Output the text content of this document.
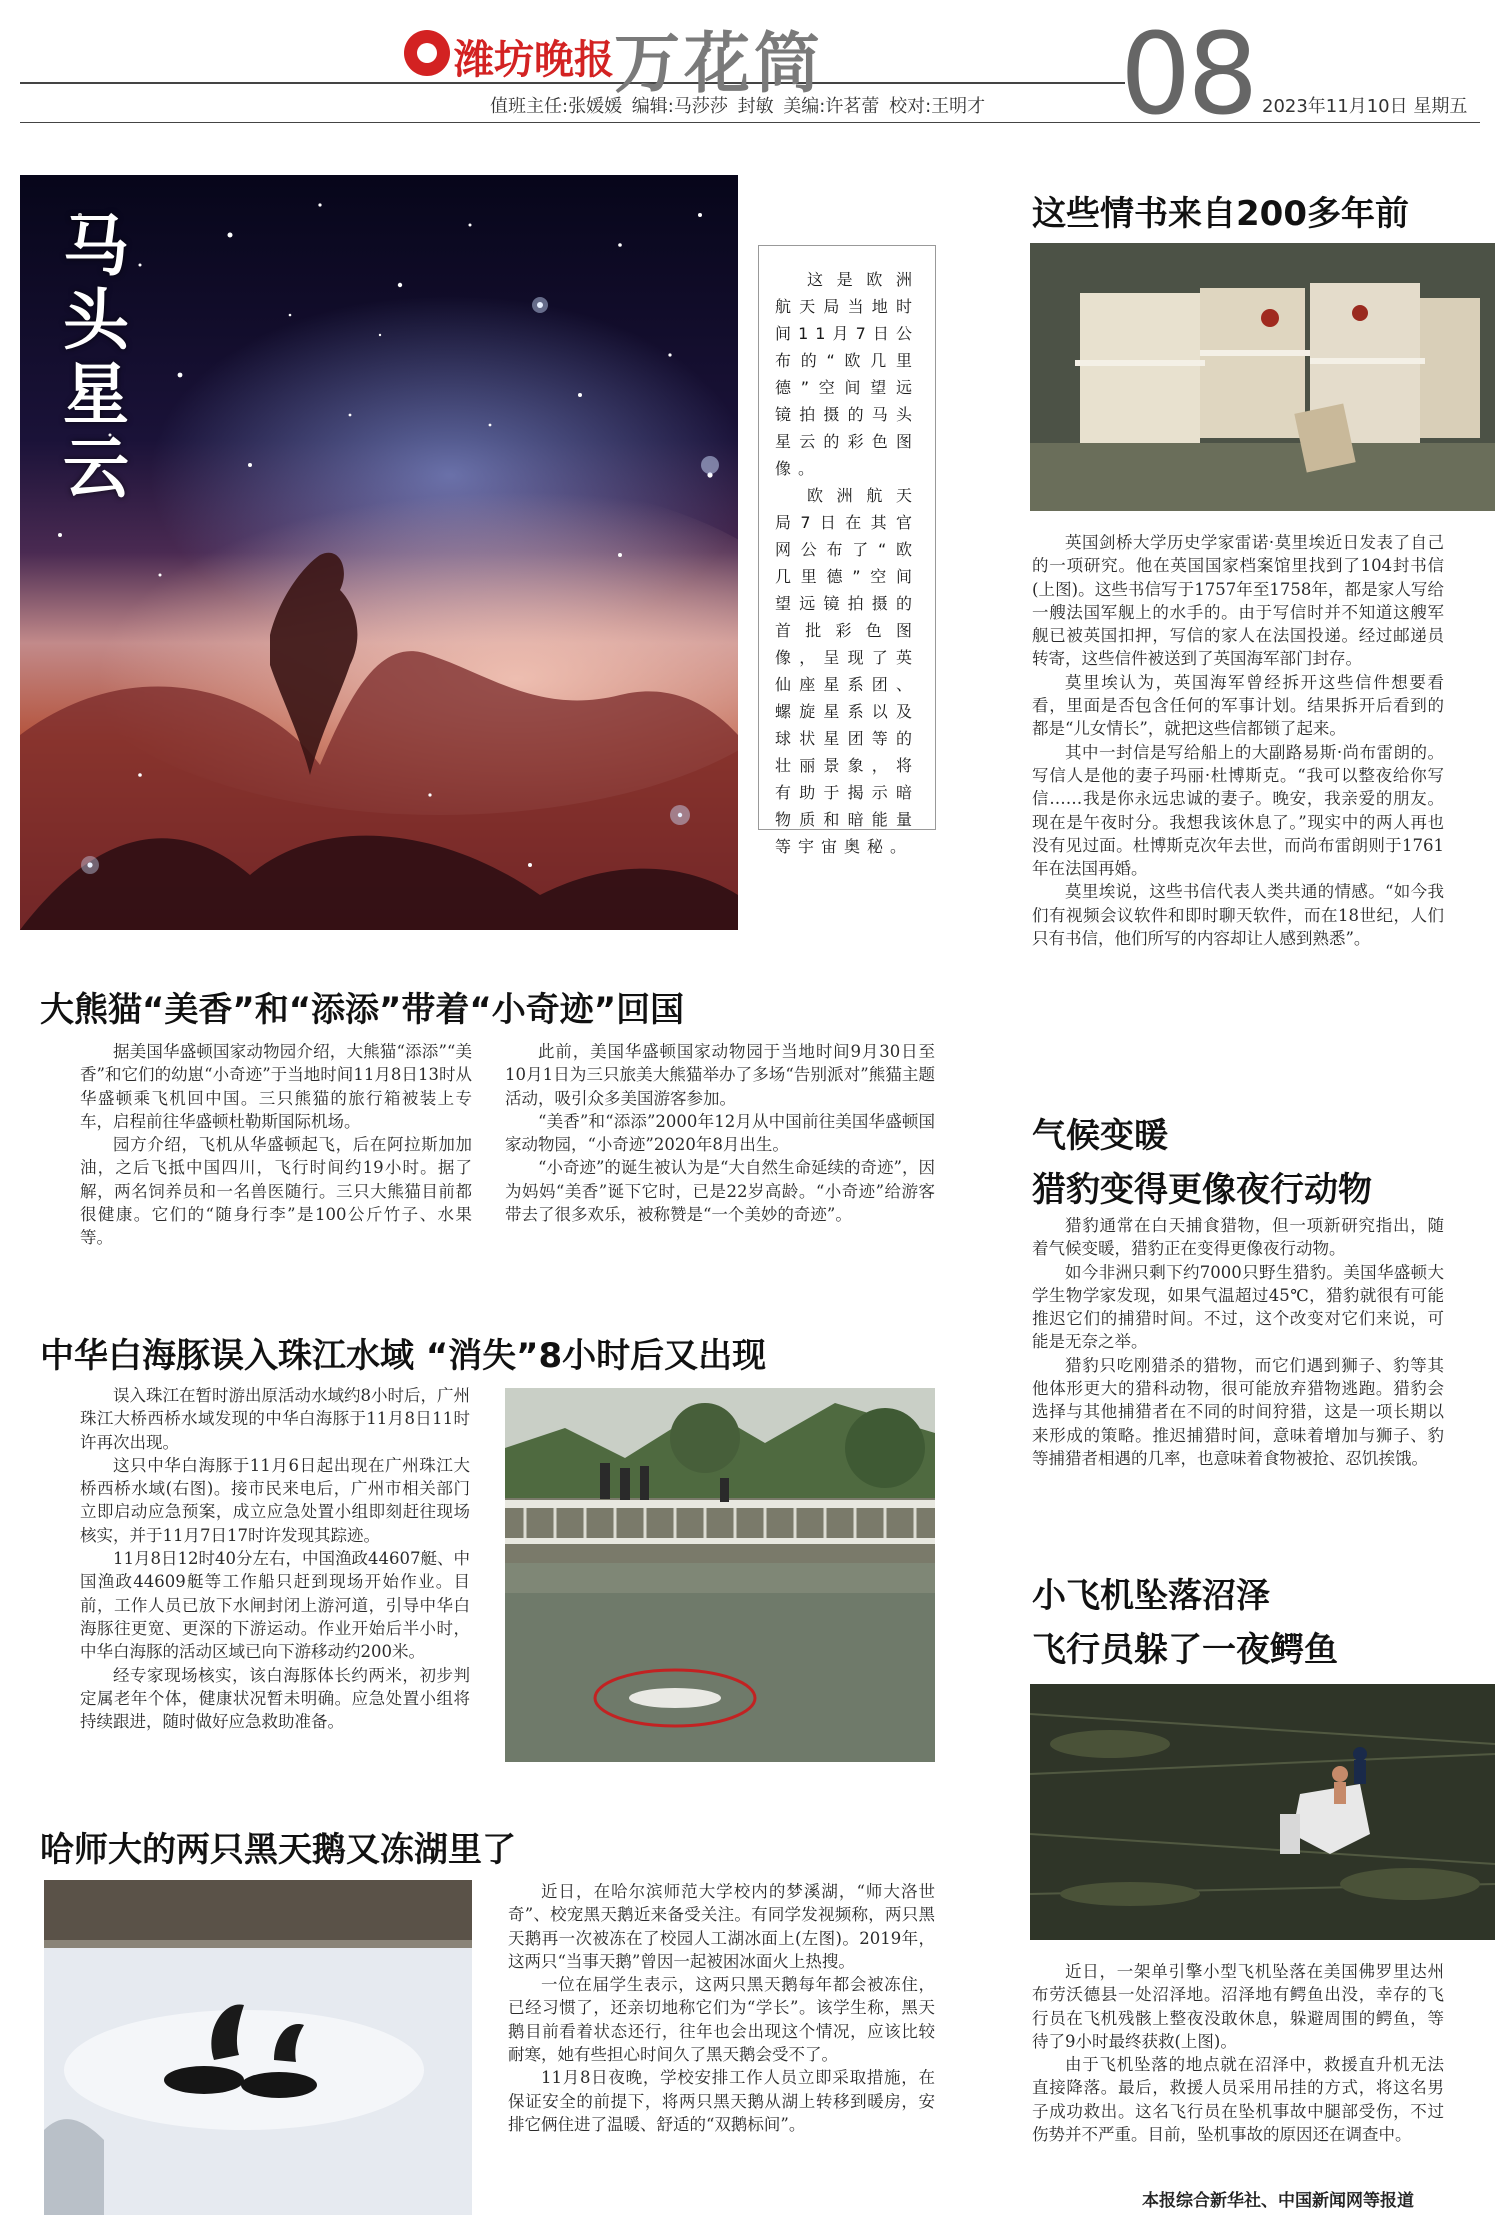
潍坊晚报 万花筒	08
值班主任:张媛媛 编辑:马莎莎 封敏 美编:许茗蕾 校对:王明才	2023年11月10日 星期五
马头星云

这是欧洲航天局当地时间11月7日公布的“欧几里德”空间望远镜拍摄的马头星云的彩色图像。

欧洲航天局7日在其官网公布了“欧几里德”空间望远镜拍摄的首批彩色图像，呈现了英仙座星系团、螺旋星系以及球状星团等的壮丽景象，将有助于揭示暗物质和暗能量等宇宙奥秘。

大熊猫“美香”和“添添”带着“小奇迹”回国

据美国华盛顿国家动物园介绍，大熊猫“添添”“美香”和它们的幼崽“小奇迹”于当地时间11月8日13时从华盛顿乘飞机回中国。三只熊猫的旅行箱被装上专车，启程前往华盛顿杜勒斯国际机场。

园方介绍，飞机从华盛顿起飞，后在阿拉斯加加油，之后飞抵中国四川，飞行时间约19小时。据了解，两名饲养员和一名兽医随行。三只大熊猫目前都很健康。它们的“随身行李”是100公斤竹子、水果等。

此前，美国华盛顿国家动物园于当地时间9月30日至10月1日为三只旅美大熊猫举办了多场“告别派对”熊猫主题活动，吸引众多美国游客参加。

“美香”和“添添”2000年12月从中国前往美国华盛顿国家动物园，“小奇迹”2020年8月出生。

“小奇迹”的诞生被认为是“大自然生命延续的奇迹”，因为妈妈“美香”诞下它时，已是22岁高龄。“小奇迹”给游客带去了很多欢乐，被称赞是“一个美妙的奇迹”。

中华白海豚误入珠江水域 “消失”8小时后又出现

误入珠江在暂时游出原活动水域约8小时后，广州珠江大桥西桥水域发现的中华白海豚于11月8日11时许再次出现。

这只中华白海豚于11月6日起出现在广州珠江大桥西桥水域(右图)。接市民来电后，广州市相关部门立即启动应急预案，成立应急处置小组即刻赶往现场核实，并于11月7日17时许发现其踪迹。

11月8日12时40分左右，中国渔政44607艇、中国渔政44609艇等工作船只赶到现场开始作业。目前，工作人员已放下水闸封闭上游河道，引导中华白海豚往更宽、更深的下游运动。作业开始后半小时，中华白海豚的活动区域已向下游移动约200米。

经专家现场核实，该白海豚体长约两米，初步判定属老年个体，健康状况暂未明确。应急处置小组将持续跟进，随时做好应急救助准备。

哈师大的两只黑天鹅又冻湖里了

近日，在哈尔滨师范大学校内的梦溪湖，“师大洛世奇”、校宠黑天鹅近来备受关注。有同学发视频称，两只黑天鹅再一次被冻在了校园人工湖冰面上(左图)。2019年，这两只“当事天鹅”曾因一起被困冰面火上热搜。

一位在届学生表示，这两只黑天鹅每年都会被冻住，已经习惯了，还亲切地称它们为“学长”。该学生称，黑天鹅目前看着状态还行，往年也会出现这个情况，应该比较耐寒，她有些担心时间久了黑天鹅会受不了。

11月8日夜晚，学校安排工作人员立即采取措施，在保证安全的前提下，将两只黑天鹅从湖上转移到暖房，安排它俩住进了温暖、舒适的“双鹅标间”。

这些情书来自200多年前

英国剑桥大学历史学家雷诺·莫里埃近日发表了自己的一项研究。他在英国国家档案馆里找到了104封书信(上图)。这些书信写于1757年至1758年，都是家人写给一艘法国军舰上的水手的。由于写信时并不知道这艘军舰已被英国扣押，写信的家人在法国投递。经过邮递员转寄，这些信件被送到了英国海军部门封存。

莫里埃认为，英国海军曾经拆开这些信件想要看看，里面是否包含任何的军事计划。结果拆开后看到的都是“儿女情长”，就把这些信都锁了起来。

其中一封信是写给船上的大副路易斯·尚布雷朗的。写信人是他的妻子玛丽·杜博斯克。“我可以整夜给你写信……我是你永远忠诚的妻子。晚安，我亲爱的朋友。现在是午夜时分。我想我该休息了。”现实中的两人再也没有见过面。杜博斯克次年去世，而尚布雷朗则于1761年在法国再婚。

莫里埃说，这些书信代表人类共通的情感。“如今我们有视频会议软件和即时聊天软件，而在18世纪，人们只有书信，他们所写的内容却让人感到熟悉”。

气候变暖
猎豹变得更像夜行动物

猎豹通常在白天捕食猎物，但一项新研究指出，随着气候变暖，猎豹正在变得更像夜行动物。

如今非洲只剩下约7000只野生猎豹。美国华盛顿大学生物学家发现，如果气温超过45℃，猎豹就很有可能推迟它们的捕猎时间。不过，这个改变对它们来说，可能是无奈之举。

猎豹只吃刚猎杀的猎物，而它们遇到狮子、豹等其他体形更大的猎科动物，很可能放弃猎物逃跑。猎豹会选择与其他捕猎者在不同的时间狩猎，这是一项长期以来形成的策略。推迟捕猎时间，意味着增加与狮子、豹等捕猎者相遇的几率，也意味着食物被抢、忍饥挨饿。

小飞机坠落沼泽
飞行员躲了一夜鳄鱼

近日，一架单引擎小型飞机坠落在美国佛罗里达州布劳沃德县一处沼泽地。沼泽地有鳄鱼出没，幸存的飞行员在飞机残骸上整夜没敢休息，躲避周围的鳄鱼，等待了9小时最终获救(上图)。

由于飞机坠落的地点就在沼泽中，救援直升机无法直接降落。最后，救援人员采用吊挂的方式，将这名男子成功救出。这名飞行员在坠机事故中腿部受伤，不过伤势并不严重。目前，坠机事故的原因还在调查中。

本报综合新华社、中国新闻网等报道
